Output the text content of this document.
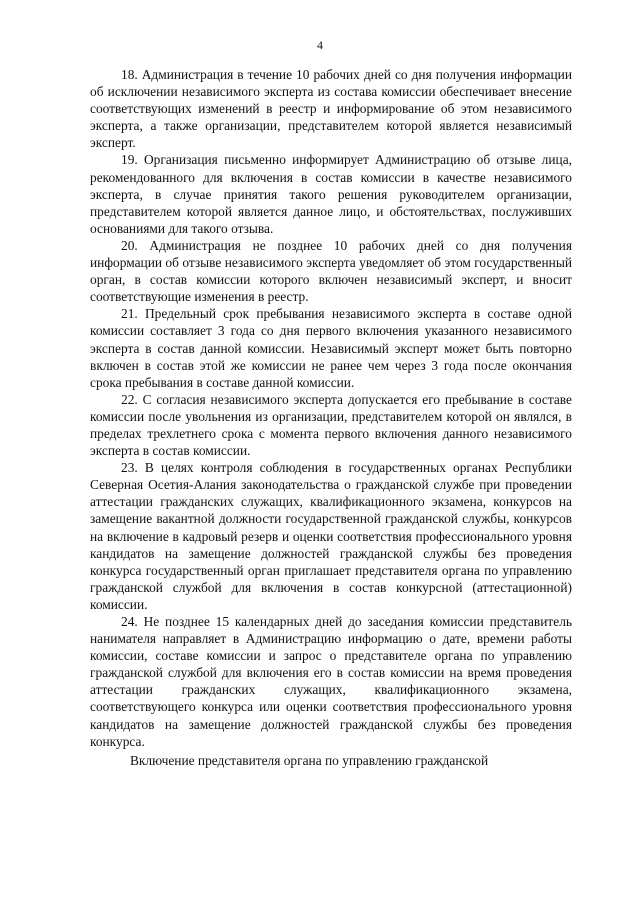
4

18. Администрация в течение 10 рабочих дней со дня получения информации об исключении независимого эксперта из состава комиссии обеспечивает внесение соответствующих изменений в реестр и информирование об этом независимого эксперта, а также организации, представителем которой является независимый эксперт.

19. Организация письменно информирует Администрацию об отзыве лица, рекомендованного для включения в состав комиссии в качестве независимого эксперта, в случае принятия такого решения руководителем организации, представителем которой является данное лицо, и обстоятельствах, послуживших основаниями для такого отзыва.

20. Администрация не позднее 10 рабочих дней со дня получения информации об отзыве независимого эксперта уведомляет об этом государственный орган, в состав комиссии которого включен независимый эксперт, и вносит соответствующие изменения в реестр.

21. Предельный срок пребывания независимого эксперта в составе одной комиссии составляет 3 года со дня первого включения указанного независимого эксперта в состав данной комиссии. Независимый эксперт может быть повторно включен в состав этой же комиссии не ранее чем через 3 года после окончания срока пребывания в составе данной комиссии.

22. С согласия независимого эксперта допускается его пребывание в составе комиссии после увольнения из организации, представителем которой он являлся, в пределах трехлетнего срока с момента первого включения данного независимого эксперта в состав комиссии.

23. В целях контроля соблюдения в государственных органах Республики Северная Осетия-Алания законодательства о гражданской службе при проведении аттестации гражданских служащих, квалификационного экзамена, конкурсов на замещение вакантной должности государственной гражданской службы, конкурсов на включение в кадровый резерв и оценки соответствия профессионального уровня кандидатов на замещение должностей гражданской службы без проведения конкурса государственный орган приглашает представителя органа по управлению гражданской службой для включения в состав конкурсной (аттестационной) комиссии.

24. Не позднее 15 календарных дней до заседания комиссии представитель нанимателя направляет в Администрацию информацию о дате, времени работы комиссии, составе комиссии и запрос о представителе органа по управлению гражданской службой для включения его в состав комиссии на время проведения аттестации гражданских служащих, квалификационного экзамена, соответствующего конкурса или оценки соответствия профессионального уровня кандидатов на замещение должностей гражданской службы без проведения конкурса.

Включение представителя органа по управлению гражданской
